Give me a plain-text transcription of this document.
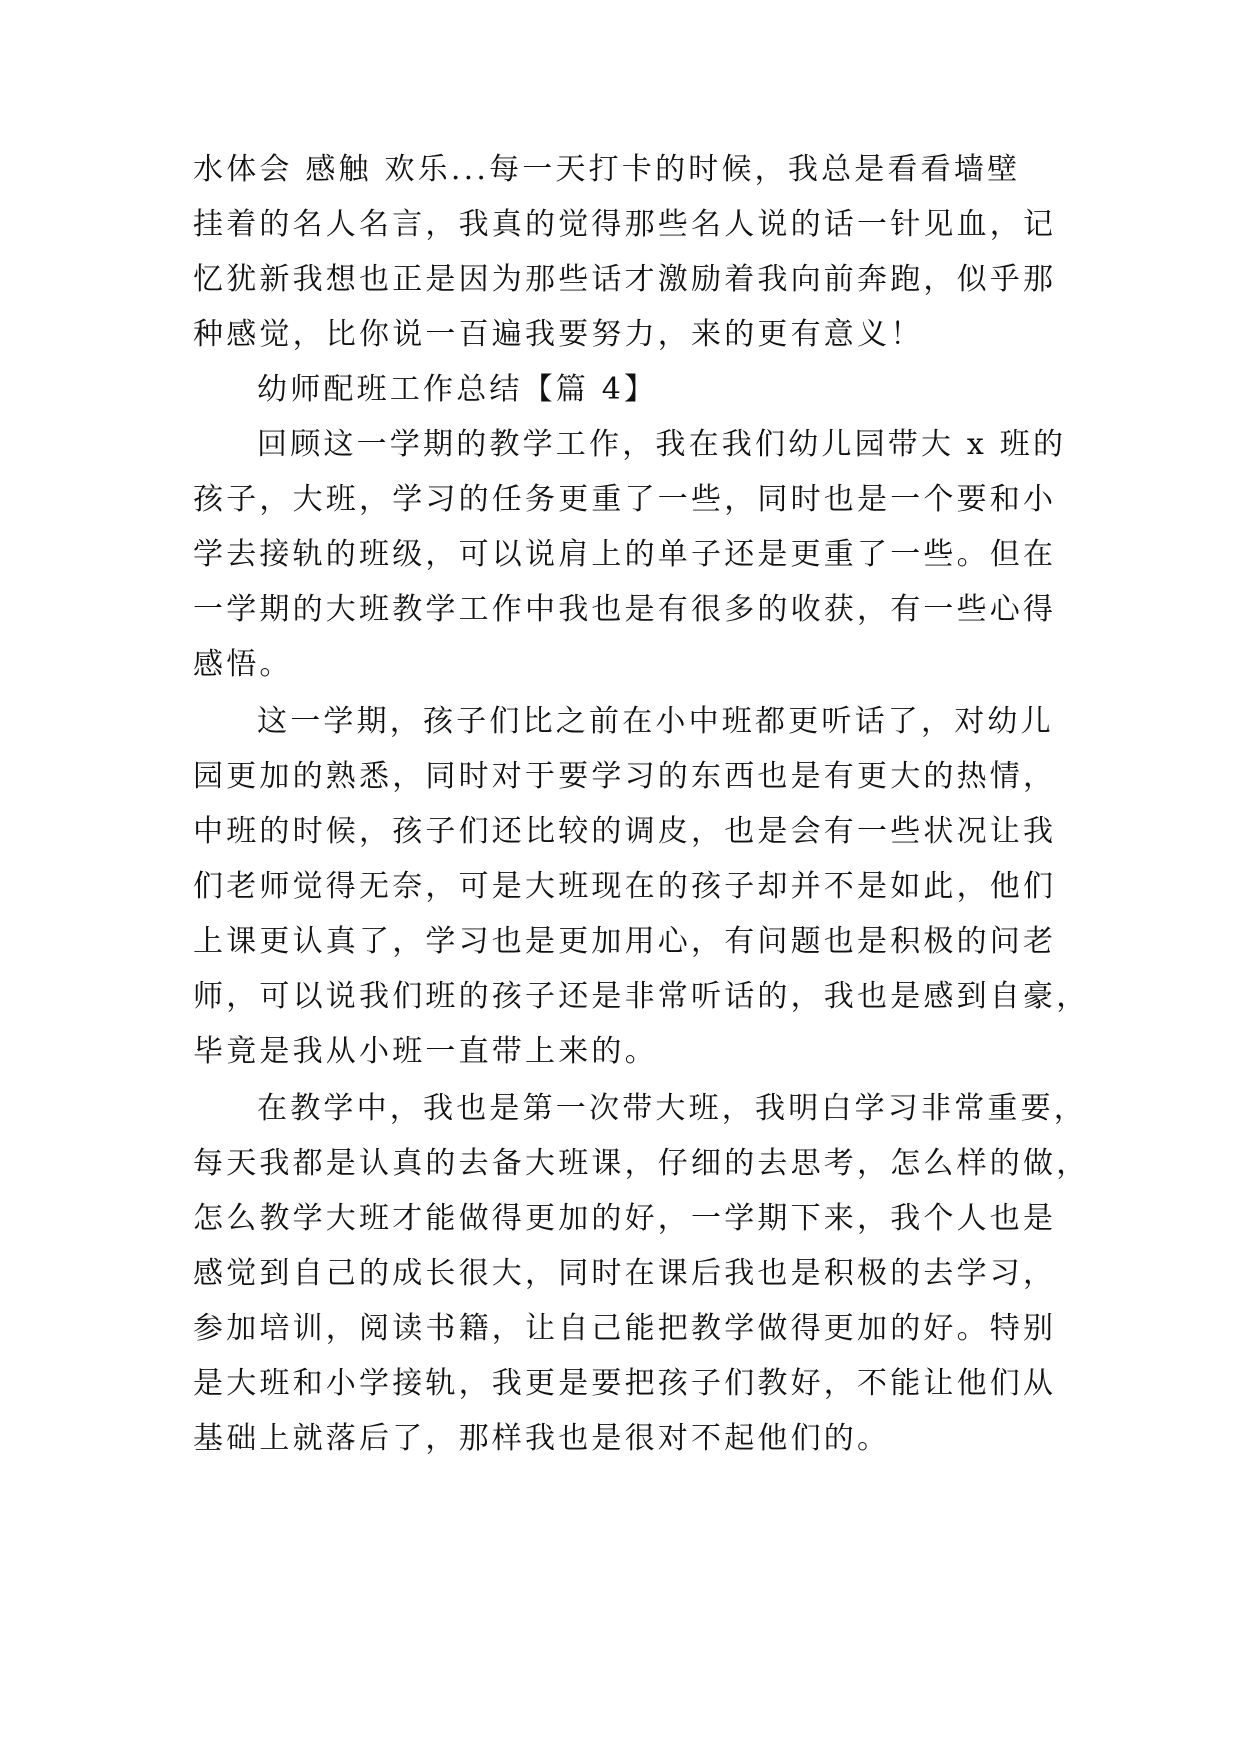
水体会 感触 欢乐...每一天打卡的时候，我总是看看墙壁
挂着的名人名言，我真的觉得那些名人说的话一针见血，记
忆犹新我想也正是因为那些话才激励着我向前奔跑，似乎那
种感觉，比你说一百遍我要努力，来的更有意义！
幼师配班工作总结【篇 4】
回顾这一学期的教学工作，我在我们幼儿园带大 x 班的
孩子，大班，学习的任务更重了一些，同时也是一个要和小
学去接轨的班级，可以说肩上的单子还是更重了一些。但在
一学期的大班教学工作中我也是有很多的收获，有一些心得
感悟。
这一学期，孩子们比之前在小中班都更听话了，对幼儿
园更加的熟悉，同时对于要学习的东西也是有更大的热情，
中班的时候，孩子们还比较的调皮，也是会有一些状况让我
们老师觉得无奈，可是大班现在的孩子却并不是如此，他们
上课更认真了，学习也是更加用心，有问题也是积极的问老
师，可以说我们班的孩子还是非常听话的，我也是感到自豪，
毕竟是我从小班一直带上来的。
在教学中，我也是第一次带大班，我明白学习非常重要，
每天我都是认真的去备大班课，仔细的去思考，怎么样的做，
怎么教学大班才能做得更加的好，一学期下来，我个人也是
感觉到自己的成长很大，同时在课后我也是积极的去学习，
参加培训，阅读书籍，让自己能把教学做得更加的好。特别
是大班和小学接轨，我更是要把孩子们教好，不能让他们从
基础上就落后了，那样我也是很对不起他们的。
